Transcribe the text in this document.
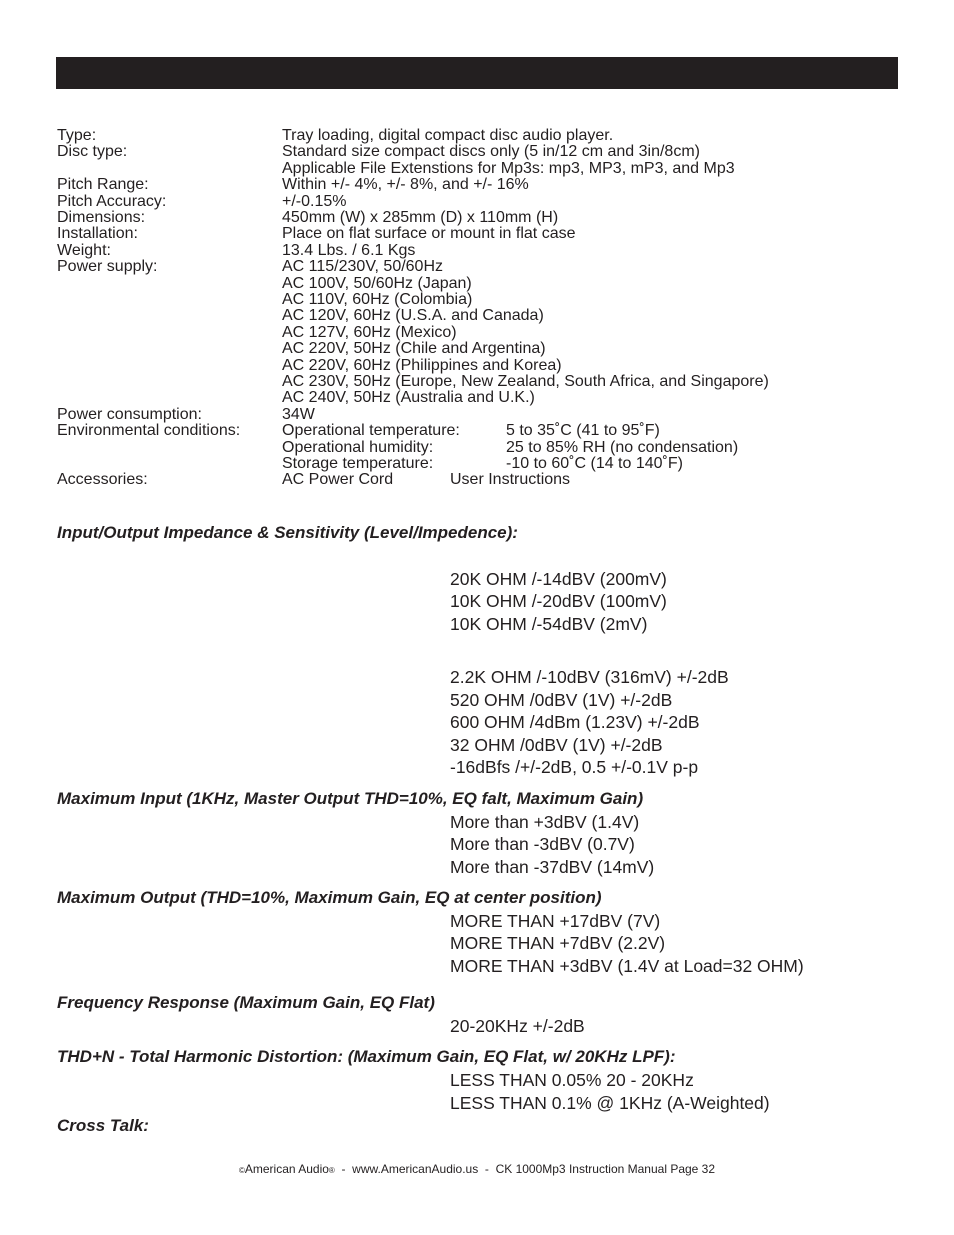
Type:	Tray loading, digital compact disc audio player.
Disc type:	Standard size compact discs only (5 in/12 cm and 3in/8cm)
Applicable File Extenstions for Mp3s: mp3, MP3, mP3, and Mp3
Pitch Range:	Within +/- 4%, +/- 8%, and +/- 16%
Pitch Accuracy:	+/-0.15%
Dimensions:	450mm (W) x 285mm (D) x 110mm (H)
Installation:	Place on flat surface or mount in flat case
Weight:	13.4 Lbs. / 6.1 Kgs
Power supply:	AC 115/230V, 50/60Hz
AC 100V, 50/60Hz (Japan)
AC 110V, 60Hz (Colombia)
AC 120V, 60Hz (U.S.A. and Canada)
AC 127V, 60Hz (Mexico)
AC 220V, 50Hz (Chile and Argentina)
AC 220V, 60Hz (Philippines and Korea)
AC 230V, 50Hz (Europe, New Zealand, South Africa, and Singapore)
AC 240V, 50Hz (Australia and U.K.)
Power consumption:	34W
Environmental conditions:	Operational temperature:	5 to 35˚C (41 to 95˚F)
Operational humidity:	25 to 85% RH (no condensation)
Storage temperature:	-10 to 60˚C (14 to 140˚F)
Accessories:	AC Power Cord	User Instructions
Input/Output Impedance & Sensitivity (Level/Impedence):
20K OHM /-14dBV (200mV)
10K OHM /-20dBV (100mV)
10K OHM /-54dBV (2mV)
2.2K OHM /-10dBV (316mV) +/-2dB
520 OHM /0dBV (1V) +/-2dB
600 OHM /4dBm (1.23V) +/-2dB
32 OHM /0dBV (1V) +/-2dB
-16dBfs /+/-2dB, 0.5 +/-0.1V p-p
Maximum Input (1KHz, Master Output THD=10%, EQ falt, Maximum Gain)
More than +3dBV (1.4V)
More than -3dBV (0.7V)
More than -37dBV (14mV)
Maximum Output (THD=10%, Maximum Gain, EQ at center position)
MORE THAN +17dBV (7V)
MORE THAN +7dBV (2.2V)
MORE THAN +3dBV (1.4V at Load=32 OHM)
Frequency Response (Maximum Gain, EQ Flat)
20-20KHz +/-2dB
THD+N - Total Harmonic Distortion: (Maximum Gain, EQ Flat, w/ 20KHz LPF):
LESS THAN 0.05% 20 - 20KHz
LESS THAN 0.1% @ 1KHz (A-Weighted)
Cross Talk:
©American Audio®  -  www.AmericanAudio.us  -  CK 1000Mp3 Instruction Manual Page 32
